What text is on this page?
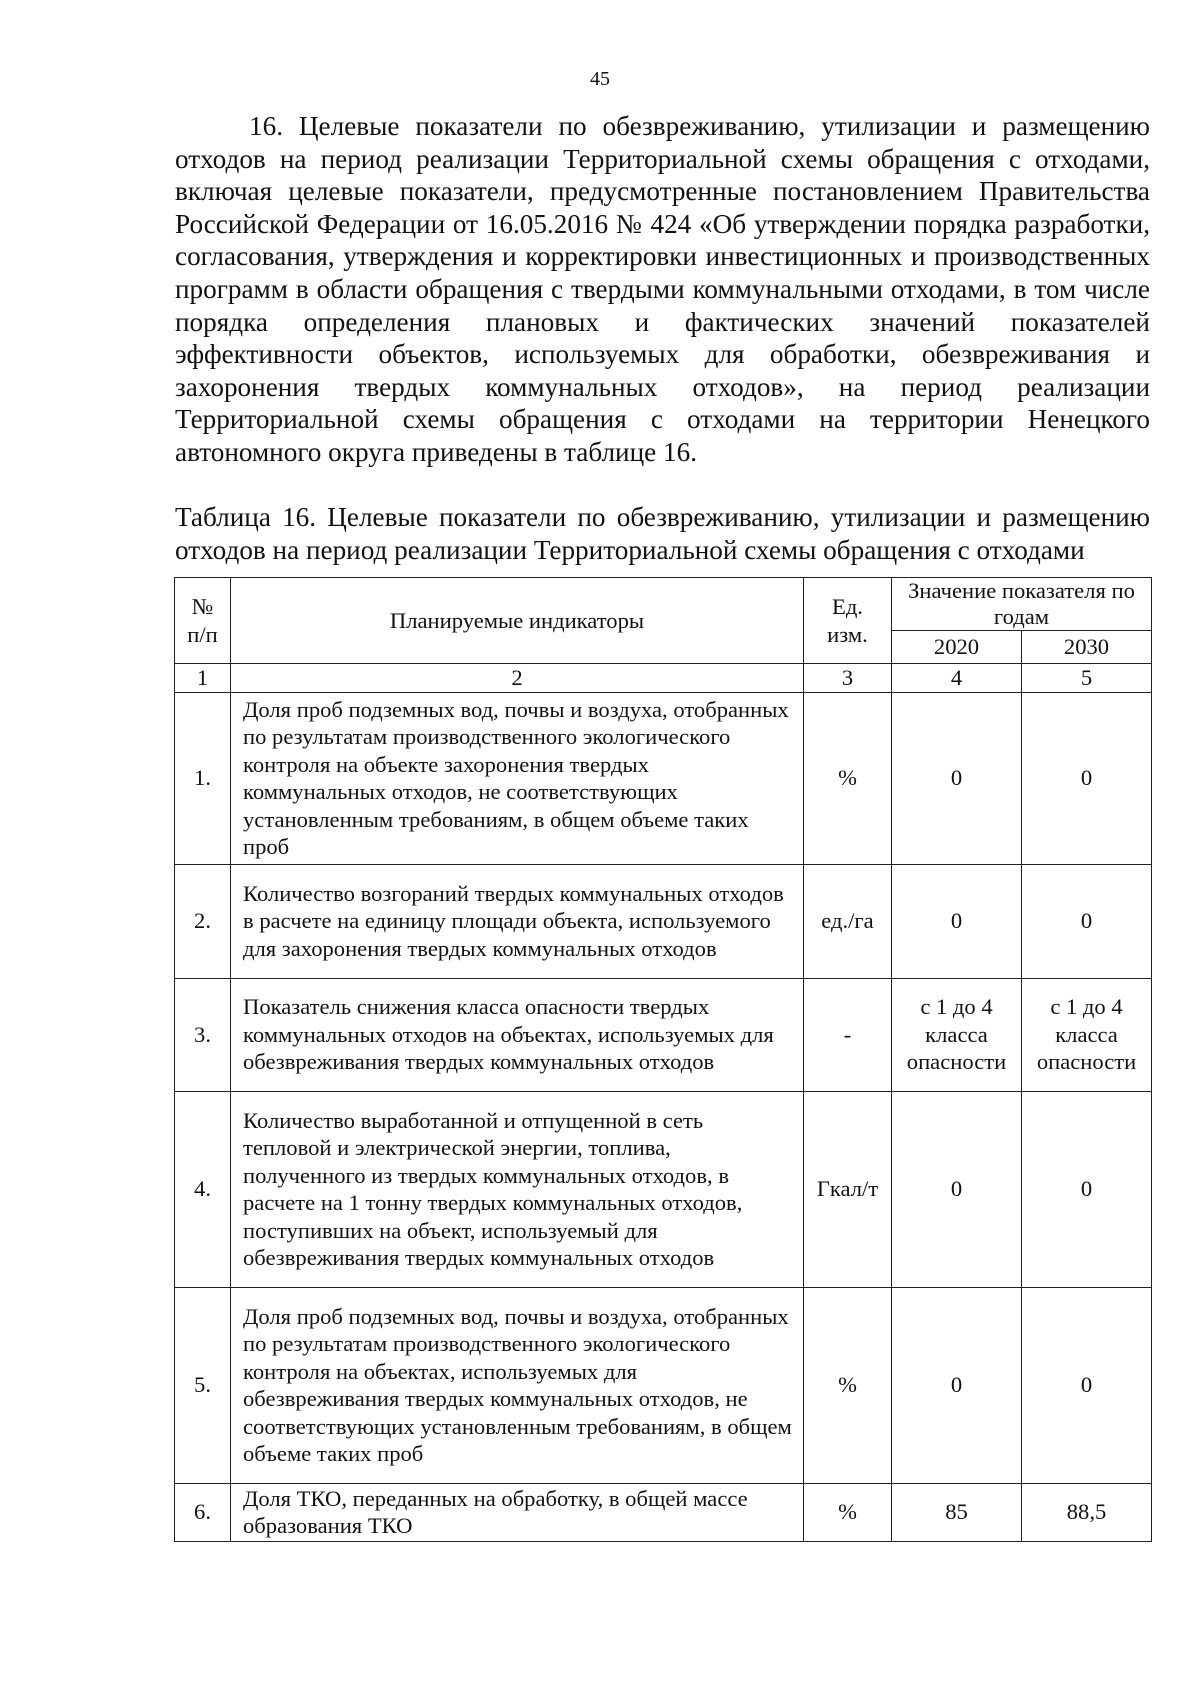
45

16. Целевые показатели по обезвреживанию, утилизации и размещению отходов на период реализации Территориальной схемы обращения с отходами, включая целевые показатели, предусмотренные постановлением Правительства Российской Федерации от 16.05.2016 № 424 «Об утверждении порядка разработки, согласования, утверждения и корректировки инвестиционных и производственных программ в области обращения с твердыми коммунальными отходами, в том числе порядка определения плановых и фактических значений показателей эффективности объектов, используемых для обработки, обезвреживания и захоронения твердых коммунальных отходов», на период реализации Территориальной схемы обращения с отходами на территории Ненецкого автономного округа приведены в таблице 16.

Таблица 16. Целевые показатели по обезвреживанию, утилизации и размещению отходов на период реализации Территориальной схемы обращения с отходами

№ п/п	Планируемые индикаторы	Ед. изм.	Значение показателя по годам	
			2020	2030
1	2	3	4	5
1.	Доля проб подземных вод, почвы и воздуха, отобранных по результатам производственного экологического контроля на объекте захоронения твердых коммунальных отходов, не соответствующих установленным требованиям, в общем объеме таких проб	%	0	0
2.	Количество возгораний твердых коммунальных отходов в расчете на единицу площади объекта, используемого для захоронения твердых коммунальных отходов	ед./га	0	0
3.	Показатель снижения класса опасности твердых коммунальных отходов на объектах, используемых для обезвреживания твердых коммунальных отходов	-	с 1 до 4 класса опасности	с 1 до 4 класса опасности
4.	Количество выработанной и отпущенной в сеть тепловой и электрической энергии, топлива, полученного из твердых коммунальных отходов, в расчете на 1 тонну твердых коммунальных отходов, поступивших на объект, используемый для обезвреживания твердых коммунальных отходов	Гкал/т	0	0
5.	Доля проб подземных вод, почвы и воздуха, отобранных по результатам производственного экологического контроля на объектах, используемых для обезвреживания твердых коммунальных отходов, не соответствующих установленным требованиям, в общем объеме таких проб	%	0	0
6.	Доля ТКО, переданных на обработку, в общей массе образования ТКО	%	85	88,5
